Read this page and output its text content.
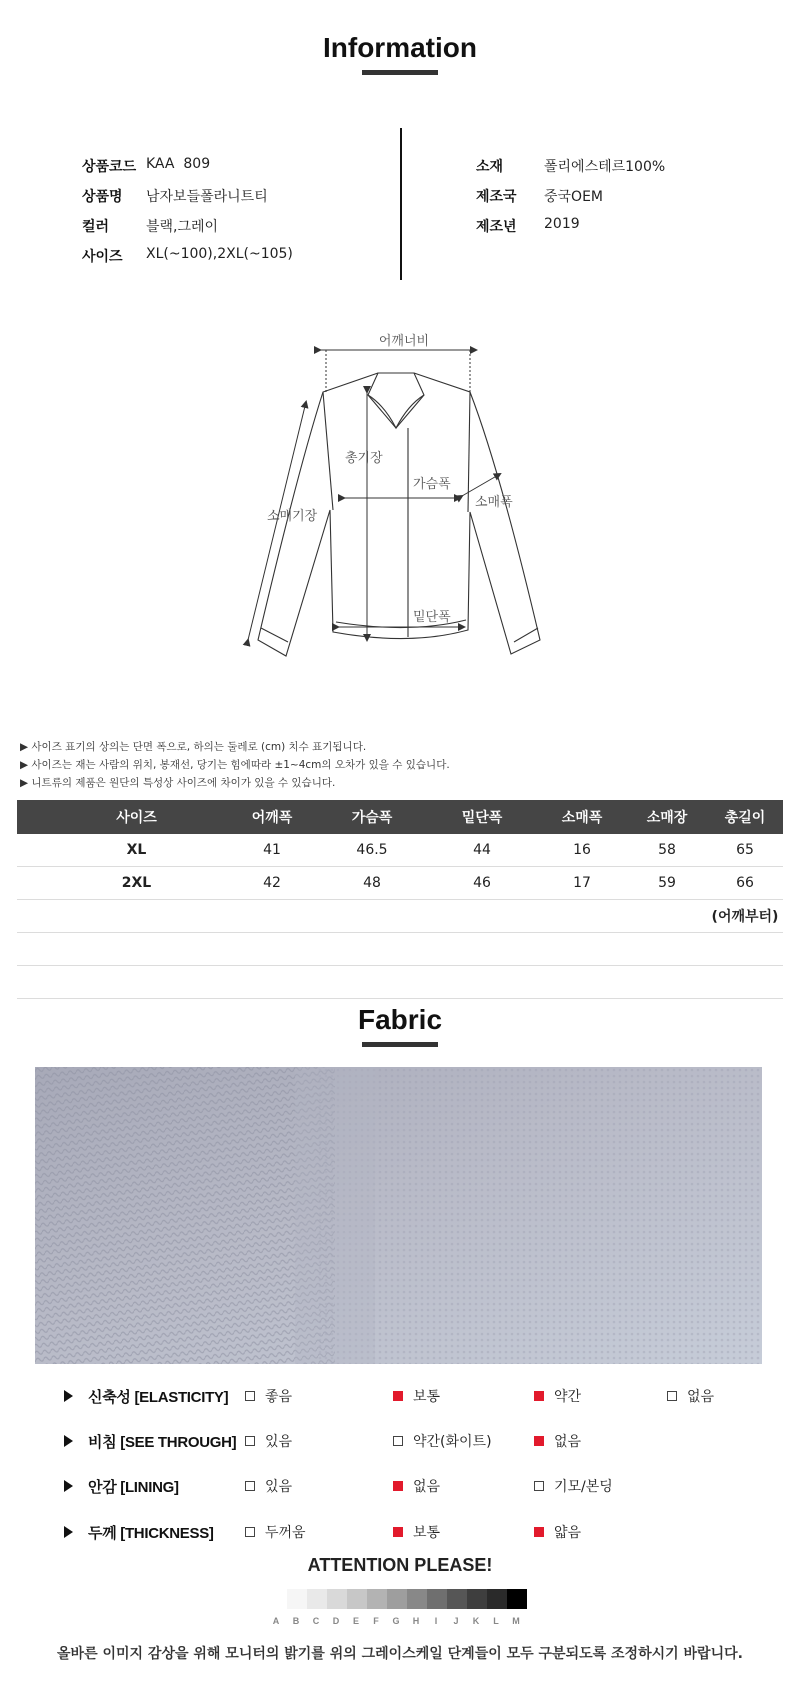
Information
상품코드 KAA  809
상품명	남자보들폴라니트티
컬러	블랙,그레이
사이즈	XL(~100),2XL(~105)
소재	폴리에스테르100%
제조국	중국OEM
제조년	2019
어깨너비
총기장
가슴폭
소매폭
소매기장
밑단폭
▶ 사이즈 표기의 상의는 단면 폭으로, 하의는 둘레로 (cm) 치수 표기됩니다.
▶ 사이즈는 재는 사람의 위치, 봉재선, 당기는 힘에따라 ±1~4cm의 오차가 있을 수 있습니다.
▶ 니트류의 제품은 원단의 특성상 사이즈에 차이가 있을 수 있습니다.
사이즈	어깨폭	가슴폭	밑단폭	소매폭	소매장	총길이
XL	41	46.5	44	16	58	65
2XL	42	48	46	17	59	66
						(어깨부터)

Fabric
신축성 [ELASTICITY]	좋음	보통	약간	없음
비침 [SEE THROUGH] 있음	약간(화이트)	없음
안감 [LINING]	있음	없음	기모/본딩
두께 [THICKNESS]	두꺼움	보통	얇음
ATTENTION PLEASE!
A	B	C	D	E	F	G	H	I	J	K	L	M
올바른 이미지 감상을 위해 모니터의 밝기를 위의 그레이스케일 단계들이 모두 구분되도록 조정하시기 바랍니다.
